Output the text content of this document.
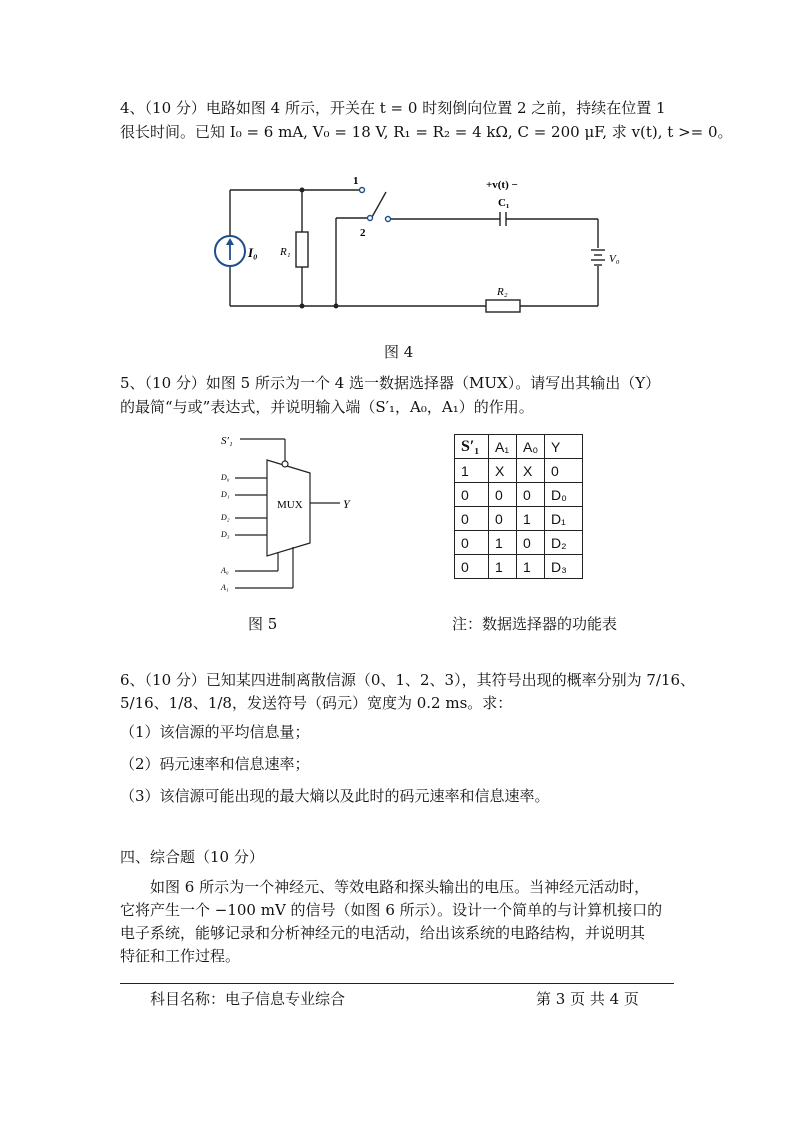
4、（10 分）电路如图 4 所示，开关在 t = 0 时刻倒向位置 2 之前，持续在位置 1
很长时间。已知 I₀ = 6 mA, V₀ = 18 V, R₁ = R₂ = 4 kΩ, C = 200 μF, 求 v(t), t >= 0。
1
2
+v(t) −
C₁
I₀ R₁
R₂
V₀
图 4
5、（10 分）如图 5 所示为一个 4 选一数据选择器（MUX）。请写出其输出（Y）
的最简“与或”表达式，并说明输入端（S′₁，A₀，A₁）的作用。
MUX	Y
S′₁
D₀
D₁
D₂
D₃
A₀
A₁
S′₁	A₁	A₀	Y
1	X	X	0
0	0	0	D₀
0	0	1	D₁
0	1	0	D₂
0	1	1	D₃
图 5	注：数据选择器的功能表
6、（10 分）已知某四进制离散信源（0、1、2、3），其符号出现的概率分别为 7/16、
5/16、1/8、1/8，发送符号（码元）宽度为 0.2 ms。求：
（1）该信源的平均信息量；
（2）码元速率和信息速率；
（3）该信源可能出现的最大熵以及此时的码元速率和信息速率。
四、综合题（10 分）
如图 6 所示为一个神经元、等效电路和探头输出的电压。当神经元活动时，
它将产生一个 −100 mV 的信号（如图 6 所示）。设计一个简单的与计算机接口的
电子系统，能够记录和分析神经元的电活动，给出该系统的电路结构，并说明其
特征和工作过程。
科目名称：电子信息专业综合	第 3 页 共 4 页
